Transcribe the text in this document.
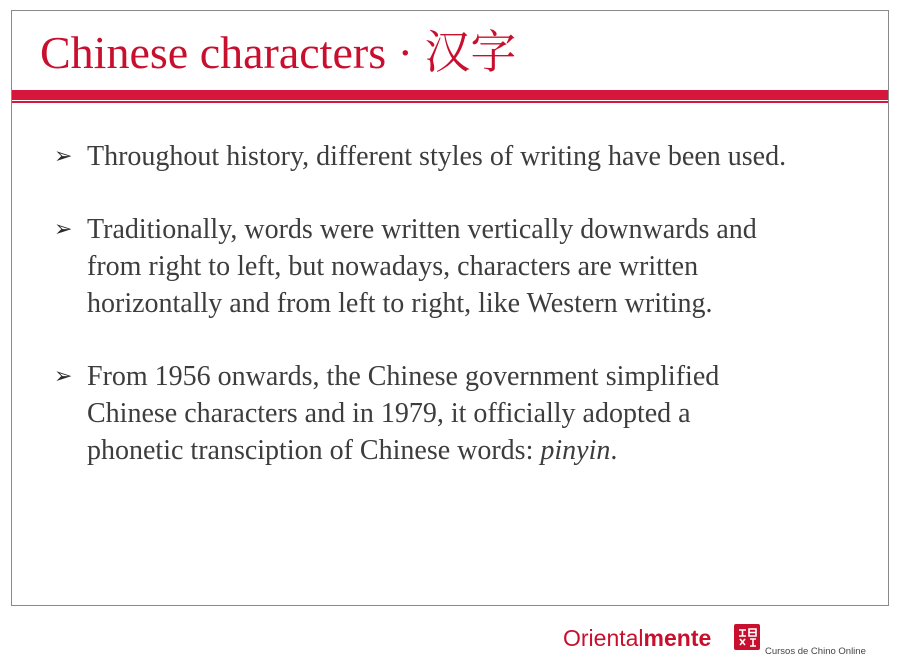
Chinese characters · 汉字
➢ Throughout history, different styles of writing have been used.
➢ Traditionally, words were written vertically downwards and from right to left, but nowadays, characters are written horizontally and from left to right, like Western writing.
➢ From 1956 onwards, the Chinese government simplified Chinese characters and in 1979, it officially adopted a phonetic transciption of Chinese words: pinyin.
Orientalmente
Cursos de Chino Online
